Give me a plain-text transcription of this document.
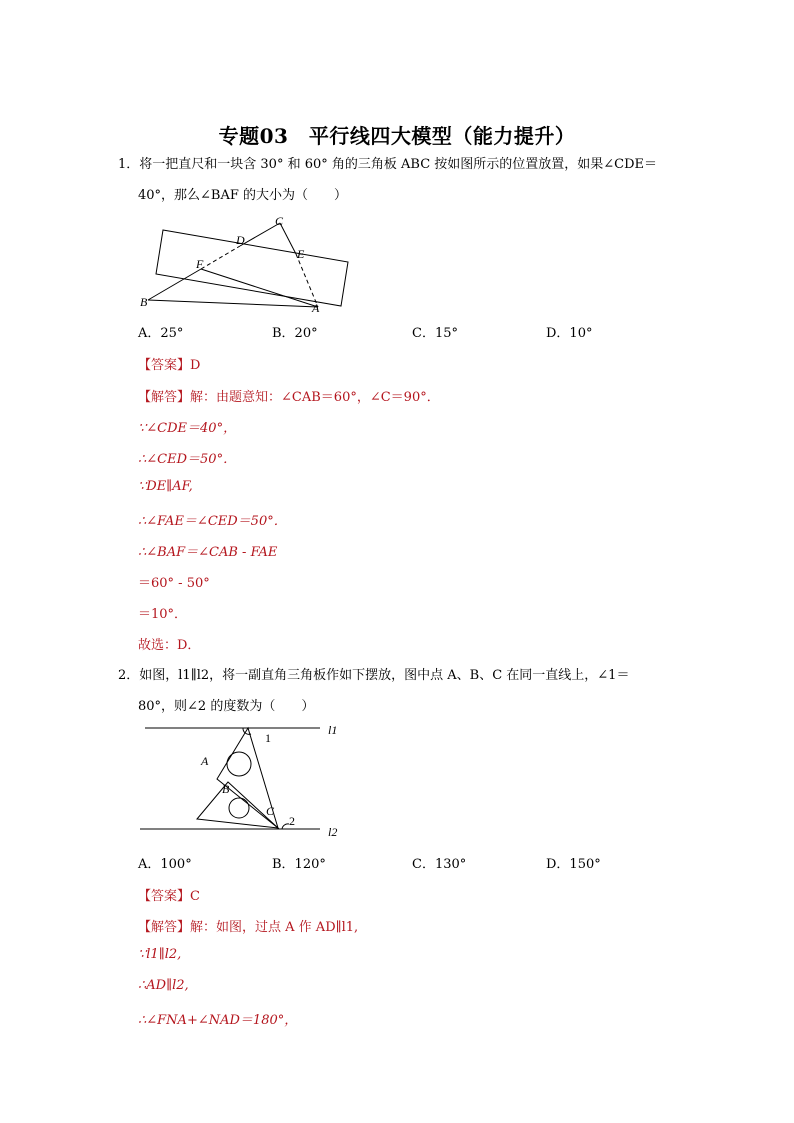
专题03　平行线四大模型（能力提升）
1．将一把直尺和一块含 30° 和 60° 角的三角板 ABC 按如图所示的位置放置，如果∠CDE＝
40°，那么∠BAF 的大小为（　　）
C
D
E
F
B	A
A．25°	B．20°	C．15°	D．10°
【答案】D
【解答】解：由题意知：∠CAB＝60°，∠C＝90°．
∵∠CDE＝40°，
∴∠CED＝50°．
∵DE∥AF,
∴∠FAE＝∠CED＝50°．
∴∠BAF＝∠CAB - FAE
＝60° - 50°
＝10°．
故选：D．
2．如图，l1∥l2，将一副直角三角板作如下摆放，图中点 A、B、C 在同一直线上，∠1＝
80°，则∠2 的度数为（　　）
l1
l2
1
A
B
C
2
A．100°	B．120°	C．130°	D．150°
【答案】C
【解答】解：如图，过点 A 作 AD∥l1,
∵l1∥l2,
∴AD∥l2,
∴∠FNA+∠NAD＝180°，
